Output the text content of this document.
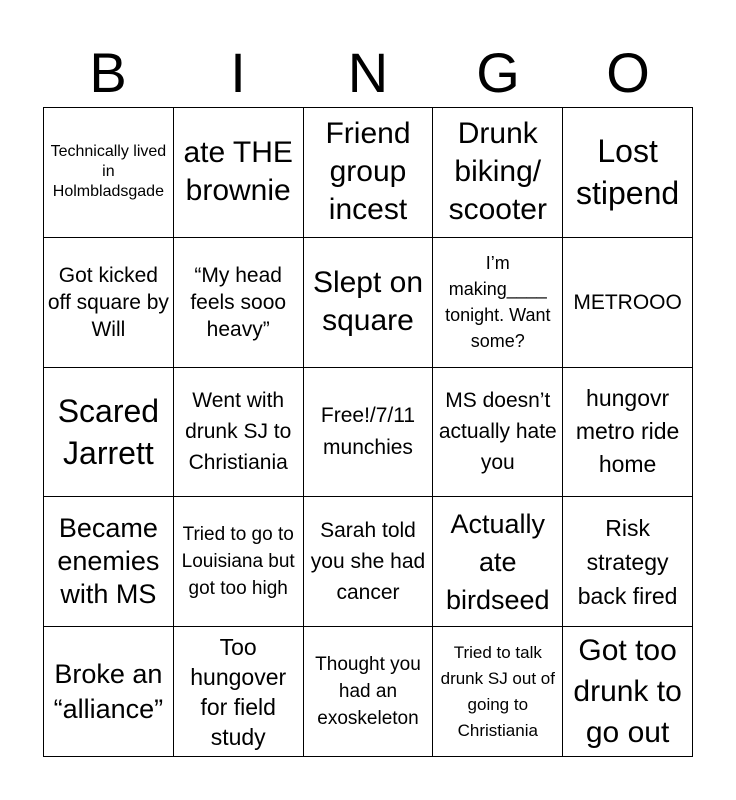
B	I	N	G	O
Technically lived in Holmbladsgade
ate THE brownie
Friend group incest
Drunk biking/ scooter
Lost stipend
Got kicked off square by Will
“My head feels sooo heavy”
Slept on square
I’m making____ tonight. Want some?
METROOO
Scared Jarrett
Went with drunk SJ to Christiania
Free!/7/11 munchies
MS doesn’t actually hate you
hungovr metro ride home
Became enemies with MS
Tried to go to Louisiana but got too high
Sarah told you she had cancer
Actually ate birdseed
Risk strategy back fired
Broke an “alliance”
Too hungover for field study
Thought you had an exoskeleton
Tried to talk drunk SJ out of going to Christiania
Got too drunk to go out
